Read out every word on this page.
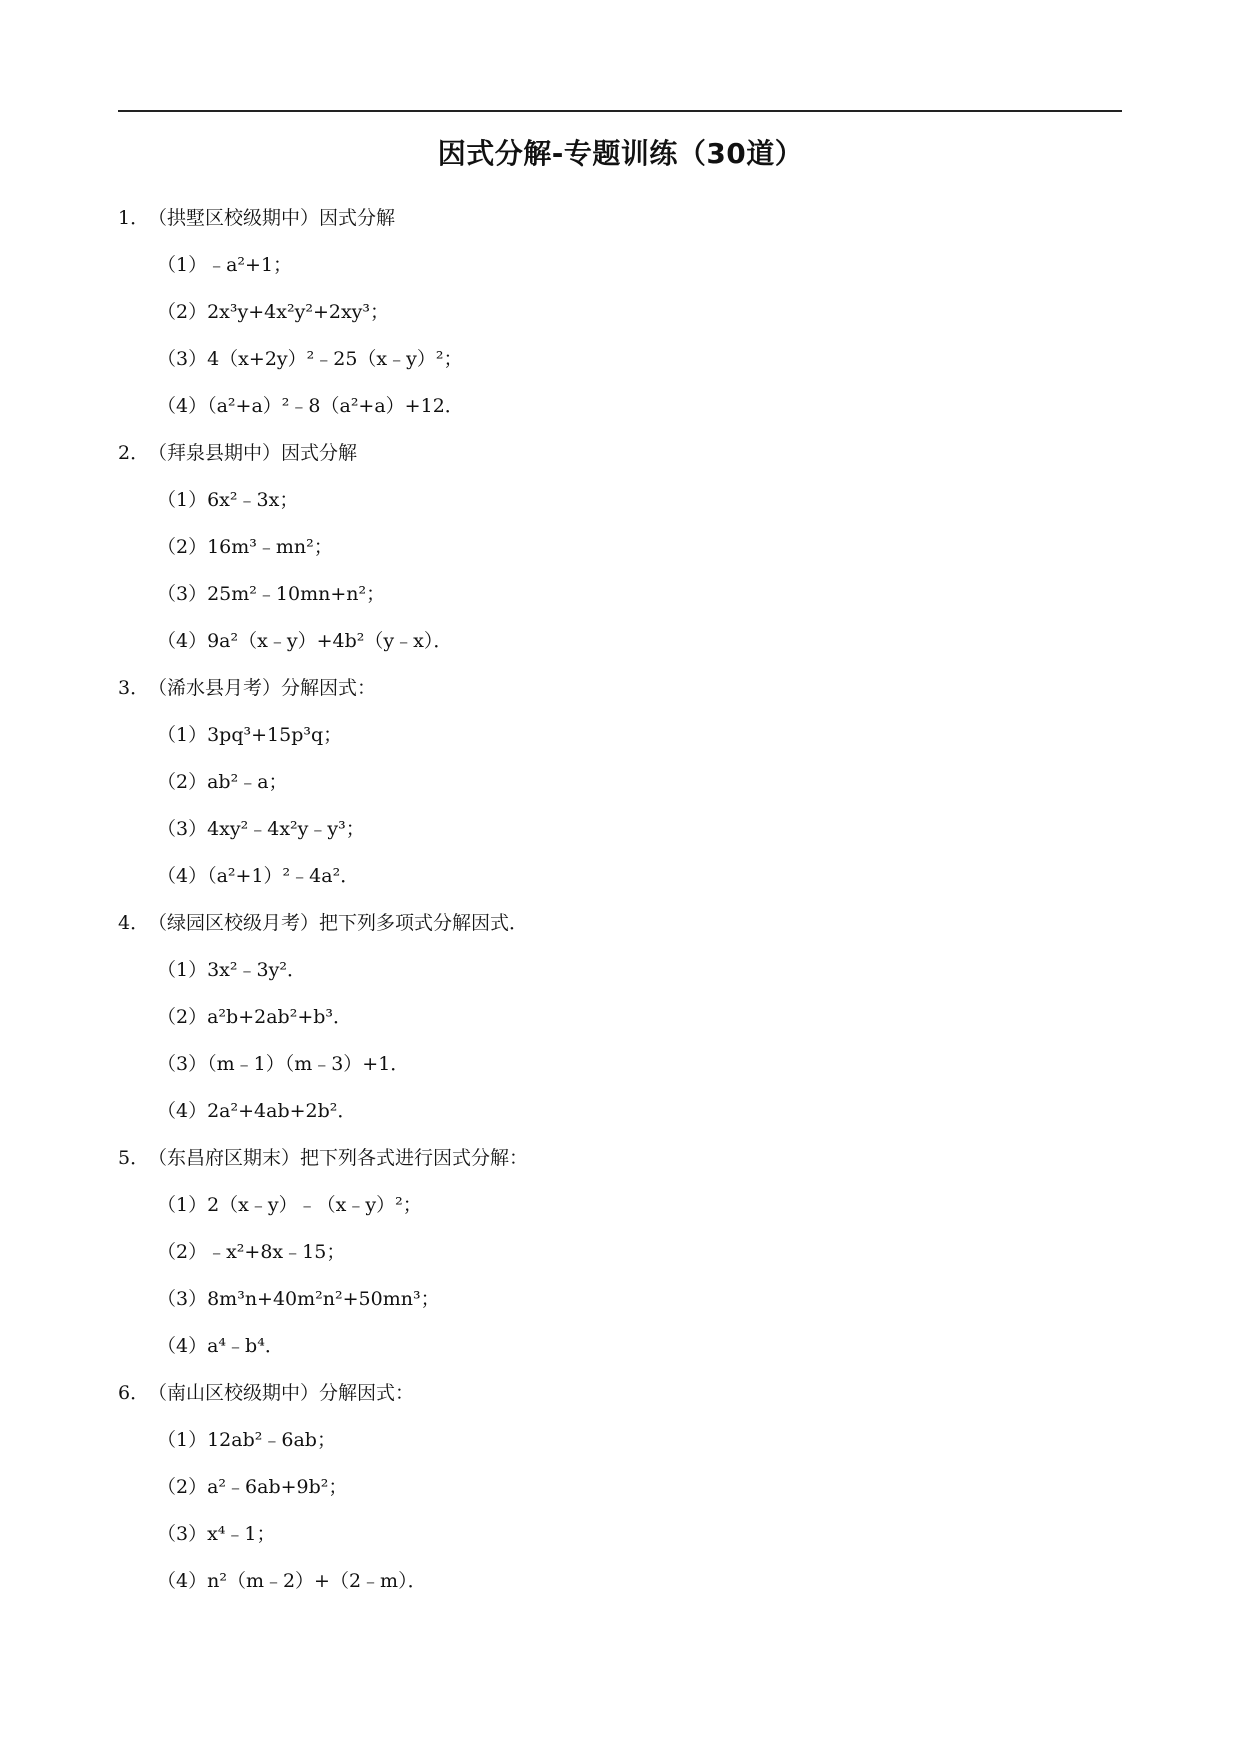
因式分解-专题训练（30道）
1．（拱墅区校级期中）因式分解
（1）﹣a²+1；
（2）2x³y+4x²y²+2xy³；
（3）4（x+2y）²﹣25（x﹣y）²；
（4）（a²+a）²﹣8（a²+a）+12．
2．（拜泉县期中）因式分解
（1）6x²﹣3x；
（2）16m³﹣mn²；
（3）25m²﹣10mn+n²；
（4）9a²（x﹣y）+4b²（y﹣x）．
3．（浠水县月考）分解因式：
（1）3pq³+15p³q；
（2）ab²﹣a；
（3）4xy²﹣4x²y﹣y³；
（4）（a²+1）²﹣4a²．
4．（绿园区校级月考）把下列多项式分解因式．
（1）3x²﹣3y²．
（2）a²b+2ab²+b³．
（3）（m﹣1）（m﹣3）+1．
（4）2a²+4ab+2b²．
5．（东昌府区期末）把下列各式进行因式分解：
（1）2（x﹣y）﹣（x﹣y）²；
（2）﹣x²+8x﹣15；
（3）8m³n+40m²n²+50mn³；
（4）a⁴﹣b⁴．
6．（南山区校级期中）分解因式：
（1）12ab²﹣6ab；
（2）a²﹣6ab+9b²；
（3）x⁴﹣1；
（4）n²（m﹣2）+（2﹣m）．
